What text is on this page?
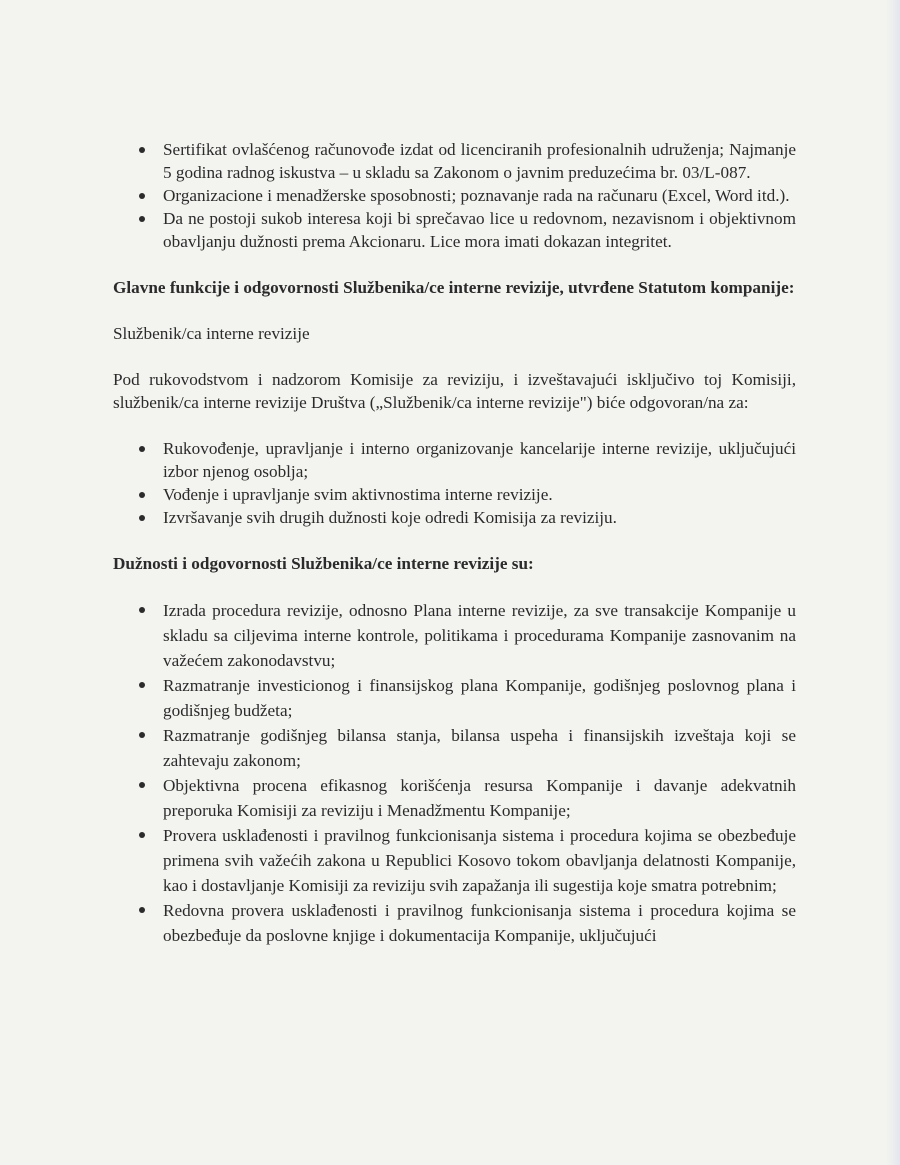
Sertifikat ovlašćenog računovođe izdat od licenciranih profesionalnih udruženja; Najmanje 5 godina radnog iskustva – u skladu sa Zakonom o javnim preduzećima br. 03/L-087.
Organizacione i menadžerske sposobnosti; poznavanje rada na računaru (Excel, Word itd.).
Da ne postoji sukob interesa koji bi sprečavao lice u redovnom, nezavisnom i objektivnom obavljanju dužnosti prema Akcionaru. Lice mora imati dokazan integritet.

Glavne funkcije i odgovornosti Službenika/ce interne revizije, utvrđene Statutom kompanije:

Službenik/ca interne revizije

Pod rukovodstvom i nadzorom Komisije za reviziju, i izveštavajući isključivo toj Komisiji, službenik/ca interne revizije Društva („Službenik/ca interne revizije") biće odgovoran/na za:

Rukovođenje, upravljanje i interno organizovanje kancelarije interne revizije, uključujući izbor njenog osoblja;
Vođenje i upravljanje svim aktivnostima interne revizije.
Izvršavanje svih drugih dužnosti koje odredi Komisija za reviziju.

Dužnosti i odgovornosti Službenika/ce interne revizije su:

Izrada procedura revizije, odnosno Plana interne revizije, za sve transakcije Kompanije u skladu sa ciljevima interne kontrole, politikama i procedurama Kompanije zasnovanim na važećem zakonodavstvu;
Razmatranje investicionog i finansijskog plana Kompanije, godišnjeg poslovnog plana i godišnjeg budžeta;
Razmatranje godišnjeg bilansa stanja, bilansa uspeha i finansijskih izveštaja koji se zahtevaju zakonom;
Objektivna procena efikasnog korišćenja resursa Kompanije i davanje adekvatnih preporuka Komisiji za reviziju i Menadžmentu Kompanije;
Provera usklađenosti i pravilnog funkcionisanja sistema i procedura kojima se obezbeđuje primena svih važećih zakona u Republici Kosovo tokom obavljanja delatnosti Kompanije, kao i dostavljanje Komisiji za reviziju svih zapažanja ili sugestija koje smatra potrebnim;
Redovna provera usklađenosti i pravilnog funkcionisanja sistema i procedura kojima se obezbeđuje da poslovne knjige i dokumentacija Kompanije, uključujući
